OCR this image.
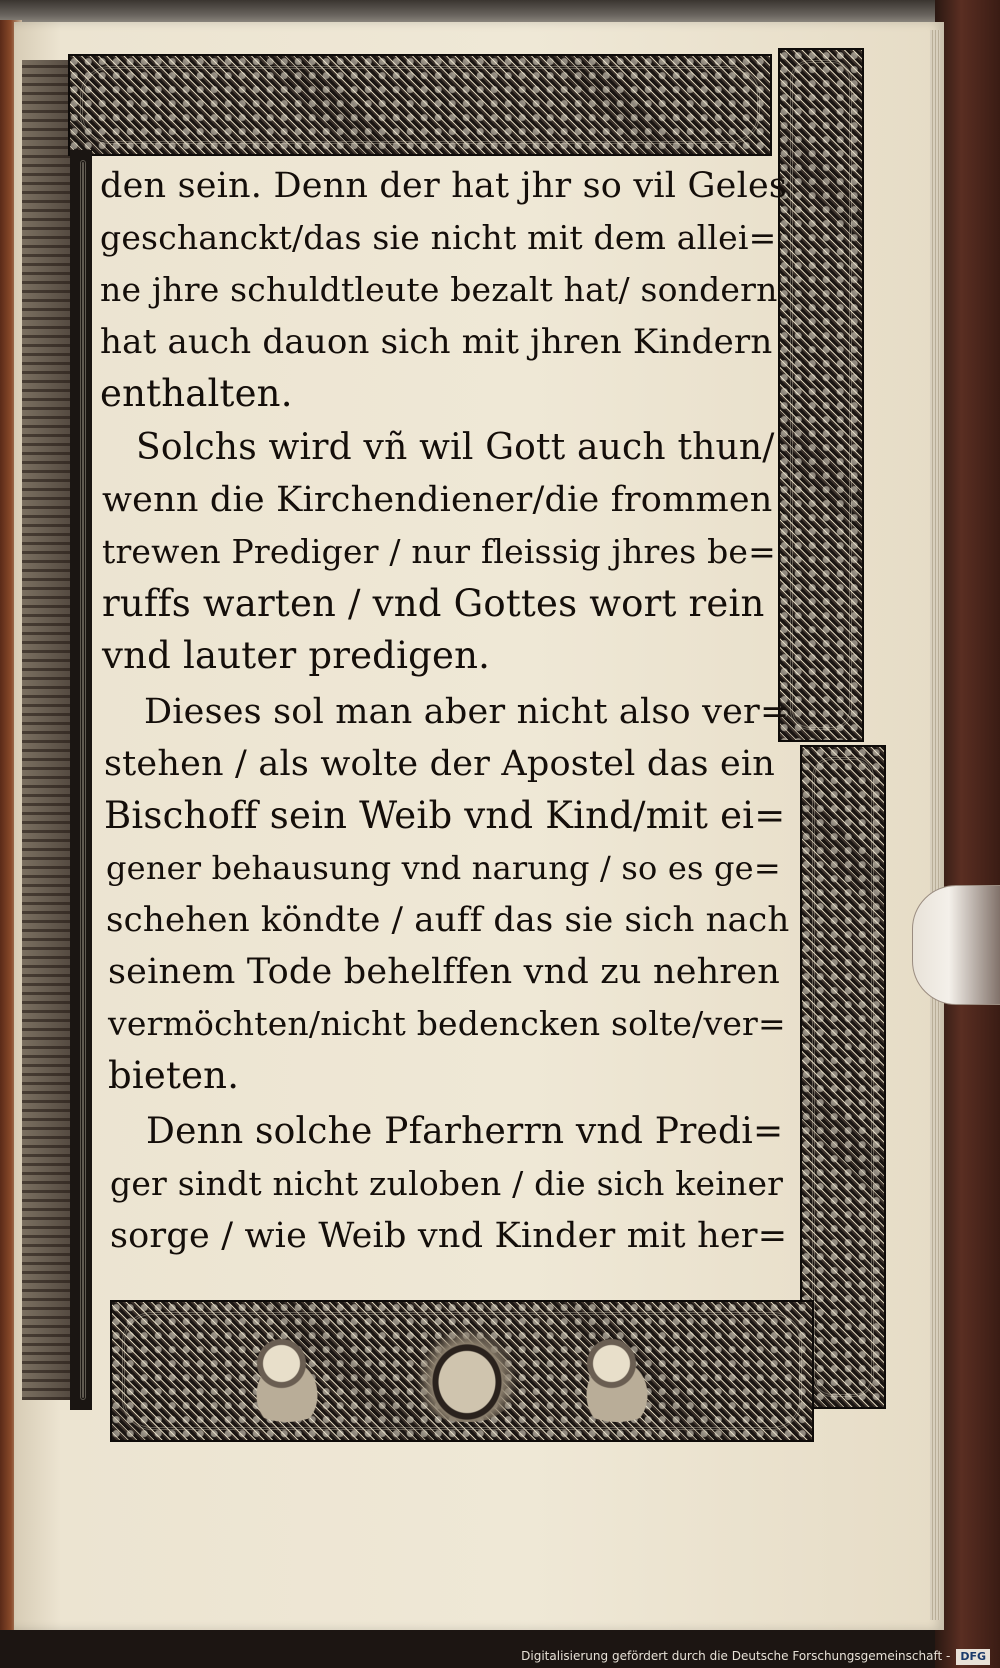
den sein. Denn der hat jhr so vil Geles
geschanckt/das sie nicht mit dem allei=
ne jhre schuldtleute bezalt hat/ sondern
hat auch dauon sich mit jhren Kindern
enthalten.
Solchs wird vñ wil Gott auch thun/
wenn die Kirchendiener/die frommen
trewen Prediger / nur fleissig jhres be=
ruffs warten / vnd Gottes wort rein
vnd lauter predigen.
Dieses sol man aber nicht also ver=
stehen / als wolte der Apostel das ein
Bischoff sein Weib vnd Kind/mit ei=
gener behausung vnd narung / so es ge=
schehen köndte / auff das sie sich nach
seinem Tode behelffen vnd zu nehren
vermöchten/nicht bedencken solte/ver=
bieten.
Denn solche Pfarherrn vnd Predi=
ger sindt nicht zuloben / die sich keiner
sorge / wie Weib vnd Kinder mit her=
Digitalisierung gefördert durch die Deutsche Forschungsgemeinschaft - DFG
